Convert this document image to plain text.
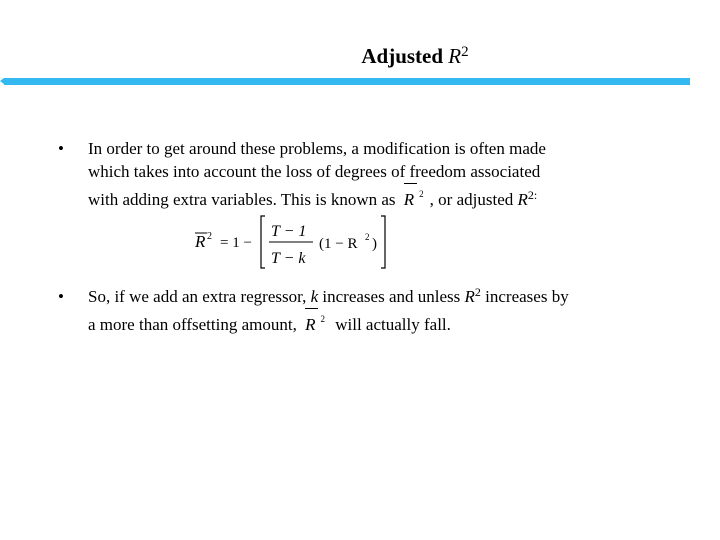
Adjusted $R^2$
• In order to get around these problems, a modification is often made
which takes into account the loss of degrees of freedom associated
with adding extra variables. This is known as R $^2$ , or adjusted $R^{2:}$
R 2 = 1 −
T − 1
T − k
(1 − R 2 )
• So, if we add an extra regressor, k increases and unless $R^2$ increases by
a more than offsetting amount, R $^2$ will actually fall.
